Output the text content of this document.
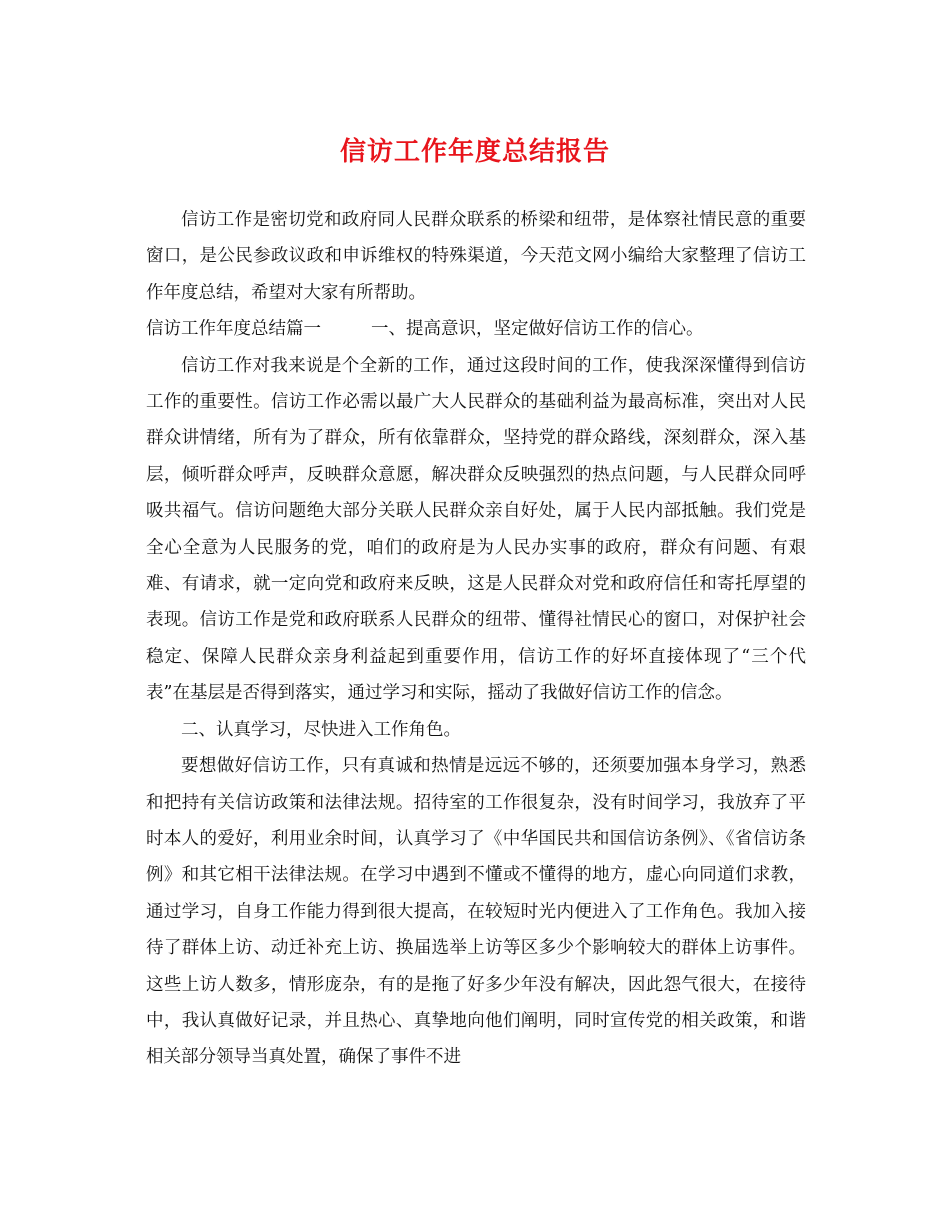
信访工作年度总结报告

信访工作是密切党和政府同人民群众联系的桥梁和纽带，是体察社情民意的重要窗口，是公民参政议政和申诉维权的特殊渠道，今天范文网小编给大家整理了信访工作年度总结，希望对大家有所帮助。

信访工作年度总结篇一	一、提高意识，坚定做好信访工作的信心。

信访工作对我来说是个全新的工作，通过这段时间的工作，使我深深懂得到信访工作的重要性。信访工作必需以最广大人民群众的基础利益为最高标准，突出对人民群众讲情绪，所有为了群众，所有依靠群众，坚持党的群众路线，深刻群众，深入基层，倾听群众呼声，反映群众意愿，解决群众反映强烈的热点问题，与人民群众同呼吸共福气。信访问题绝大部分关联人民群众亲自好处，属于人民内部抵触。我们党是全心全意为人民服务的党，咱们的政府是为人民办实事的政府，群众有问题、有艰难、有请求，就一定向党和政府来反映，这是人民群众对党和政府信任和寄托厚望的表现。信访工作是党和政府联系人民群众的纽带、懂得社情民心的窗口，对保护社会稳定、保障人民群众亲身利益起到重要作用，信访工作的好坏直接体现了“三个代表”在基层是否得到落实，通过学习和实际，摇动了我做好信访工作的信念。

二、认真学习，尽快进入工作角色。

要想做好信访工作，只有真诚和热情是远远不够的，还须要加强本身学习，熟悉和把持有关信访政策和法律法规。招待室的工作很复杂，没有时间学习，我放弃了平时本人的爱好，利用业余时间，认真学习了《中华国民共和国信访条例》、《省信访条例》和其它相干法律法规。在学习中遇到不懂或不懂得的地方，虚心向同道们求教，通过学习，自身工作能力得到很大提高，在较短时光内便进入了工作角色。我加入接待了群体上访、动迁补充上访、换届选举上访等区多少个影响较大的群体上访事件。这些上访人数多，情形庞杂，有的是拖了好多少年没有解决，因此怨气很大，在接待中，我认真做好记录，并且热心、真挚地向他们阐明，同时宣传党的相关政策，和谐相关部分领导当真处置，确保了事件不进
